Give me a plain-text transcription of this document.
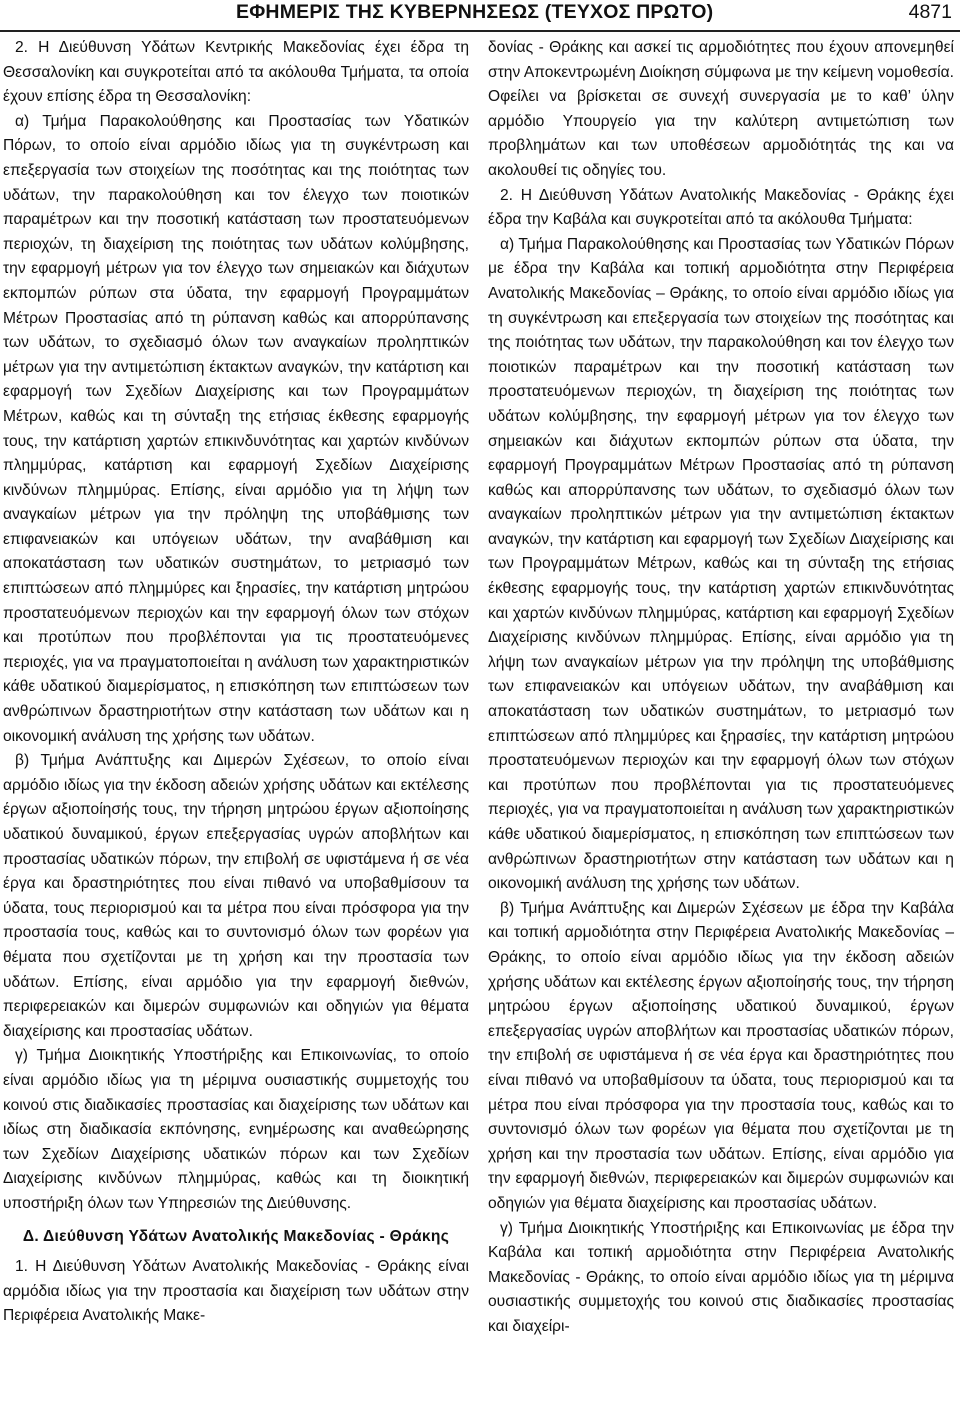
ΕΦΗΜΕΡΙΣ ΤΗΣ ΚΥΒΕΡΝΗΣΕΩΣ (ΤΕΥΧΟΣ ΠΡΩΤΟ)	4871

2. Η Διεύθυνση Υδάτων Κεντρικής Μακεδονίας έχει έδρα τη Θεσσαλονίκη και συγκροτείται από τα ακόλουθα Τμήματα, τα οποία έχουν επίσης έδρα τη Θεσσαλονίκη:

α) Τμήμα Παρακολούθησης και Προστασίας των Υδατικών Πόρων, το οποίο είναι αρμόδιο ιδίως για τη συγκέντρωση και επεξεργασία των στοιχείων της ποσότητας και της ποιότητας των υδάτων, την παρακολούθηση και τον έλεγχο των ποιοτικών παραμέτρων και την ποσοτική κατάσταση των προστατευόμενων περιοχών, τη διαχείριση της ποιότητας των υδάτων κολύμβησης, την εφαρμογή μέτρων για τον έλεγχο των σημειακών και διάχυτων εκπομπών ρύπων στα ύδατα, την εφαρμογή Προγραμμάτων Μέτρων Προστασίας από τη ρύπανση καθώς και απορρύπανσης των υδάτων, το σχεδιασμό όλων των αναγκαίων προληπτικών μέτρων για την αντιμετώπιση έκτακτων αναγκών, την κατάρτιση και εφαρμογή των Σχεδίων Διαχείρισης και των Προγραμμάτων Μέτρων, καθώς και τη σύνταξη της ετήσιας έκθεσης εφαρμογής τους, την κατάρτιση χαρτών επικινδυνότητας και χαρτών κινδύνων πλημμύρας, κατάρτιση και εφαρμογή Σχεδίων Διαχείρισης κινδύνων πλημμύρας. Επίσης, είναι αρμόδιο για τη λήψη των αναγκαίων μέτρων για την πρόληψη της υποβάθμισης των επιφανειακών και υπόγειων υδάτων, την αναβάθμιση και αποκατάσταση των υδατικών συστημάτων, το μετριασμό των επιπτώσεων από πλημμύρες και ξηρασίες, την κατάρτιση μητρώου προστατευόμενων περιοχών και την εφαρμογή όλων των στόχων και προτύπων που προβλέπονται για τις προστατευόμενες περιοχές, για να πραγματοποιείται η ανάλυση των χαρακτηριστικών κάθε υδατικού διαμερίσματος, η επισκόπηση των επιπτώσεων των ανθρώπινων δραστηριοτήτων στην κατάσταση των υδάτων και η οικονομική ανάλυση της χρήσης των υδάτων.

β) Τμήμα Ανάπτυξης και Διμερών Σχέσεων, το οποίο είναι αρμόδιο ιδίως για την έκδοση αδειών χρήσης υδάτων και εκτέλεσης έργων αξιοποίησής τους, την τήρηση μητρώου έργων αξιοποίησης υδατικού δυναμικού, έργων επεξεργασίας υγρών αποβλήτων και προστασίας υδατικών πόρων, την επιβολή σε υφιστάμενα ή σε νέα έργα και δραστηριότητες που είναι πιθανό να υποβαθμίσουν τα ύδατα, τους περιορισμού και τα μέτρα που είναι πρόσφορα για την προστασία τους, καθώς και το συντονισμό όλων των φορέων για θέματα που σχετίζονται με τη χρήση και την προστασία των υδάτων. Επίσης, είναι αρμόδιο για την εφαρμογή διεθνών, περιφερειακών και διμερών συμφωνιών και οδηγιών για θέματα διαχείρισης και προστασίας υδάτων.

γ) Τμήμα Διοικητικής Υποστήριξης και Επικοινωνίας, το οποίο είναι αρμόδιο ιδίως για τη μέριμνα ουσιαστικής συμμετοχής του κοινού στις διαδικασίες προστασίας και διαχείρισης των υδάτων και ιδίως στη διαδικασία εκπόνησης, ενημέρωσης και αναθεώρησης των Σχεδίων Διαχείρισης υδατικών πόρων και των Σχεδίων Διαχείρισης κινδύνων πλημμύρας, καθώς και τη διοικητική υποστήριξη όλων των Υπηρεσιών της Διεύθυνσης.

Δ. Διεύθυνση Υδάτων Ανατολικής Μακεδονίας - Θράκης

1. Η Διεύθυνση Υδάτων Ανατολικής Μακεδονίας - Θράκης είναι αρμόδια ιδίως για την προστασία και διαχείριση των υδάτων στην Περιφέρεια Ανατολικής Μακε-

δονίας - Θράκης και ασκεί τις αρμοδιότητες που έχουν απονεμηθεί στην Αποκεντρωμένη Διοίκηση σύμφωνα με την κείμενη νομοθεσία. Οφείλει να βρίσκεται σε συνεχή συνεργασία με το καθ’ ύλην αρμόδιο Υπουργείο για την καλύτερη αντιμετώπιση των προβλημάτων και των υποθέσεων αρμοδιότητάς της και να ακολουθεί τις οδηγίες του.

2. Η Διεύθυνση Υδάτων Ανατολικής Μακεδονίας - Θράκης έχει έδρα την Καβάλα και συγκροτείται από τα ακόλουθα Τμήματα:

α) Τμήμα Παρακολούθησης και Προστασίας των Υδατικών Πόρων με έδρα την Καβάλα και τοπική αρμοδιότητα στην Περιφέρεια Ανατολικής Μακεδονίας – Θράκης, το οποίο είναι αρμόδιο ιδίως για τη συγκέντρωση και επεξεργασία των στοιχείων της ποσότητας και της ποιότητας των υδάτων, την παρακολούθηση και τον έλεγχο των ποιοτικών παραμέτρων και την ποσοτική κατάσταση των προστατευόμενων περιοχών, τη διαχείριση της ποιότητας των υδάτων κολύμβησης, την εφαρμογή μέτρων για τον έλεγχο των σημειακών και διάχυτων εκπομπών ρύπων στα ύδατα, την εφαρμογή Προγραμμάτων Μέτρων Προστασίας από τη ρύπανση καθώς και απορρύπανσης των υδάτων, το σχεδιασμό όλων των αναγκαίων προληπτικών μέτρων για την αντιμετώπιση έκτακτων αναγκών, την κατάρτιση και εφαρμογή των Σχεδίων Διαχείρισης και των Προγραμμάτων Μέτρων, καθώς και τη σύνταξη της ετήσιας έκθεσης εφαρμογής τους, την κατάρτιση χαρτών επικινδυνότητας και χαρτών κινδύνων πλημμύρας, κατάρτιση και εφαρμογή Σχεδίων Διαχείρισης κινδύνων πλημμύρας. Επίσης, είναι αρμόδιο για τη λήψη των αναγκαίων μέτρων για την πρόληψη της υποβάθμισης των επιφανειακών και υπόγειων υδάτων, την αναβάθμιση και αποκατάσταση των υδατικών συστημάτων, το μετριασμό των επιπτώσεων από πλημμύρες και ξηρασίες, την κατάρτιση μητρώου προστατευόμενων περιοχών και την εφαρμογή όλων των στόχων και προτύπων που προβλέπονται για τις προστατευόμενες περιοχές, για να πραγματοποιείται η ανάλυση των χαρακτηριστικών κάθε υδατικού διαμερίσματος, η επισκόπηση των επιπτώσεων των ανθρώπινων δραστηριοτήτων στην κατάσταση των υδάτων και η οικονομική ανάλυση της χρήσης των υδάτων.

β) Τμήμα Ανάπτυξης και Διμερών Σχέσεων με έδρα την Καβάλα και τοπική αρμοδιότητα στην Περιφέρεια Ανατολικής Μακεδονίας – Θράκης, το οποίο είναι αρμόδιο ιδίως για την έκδοση αδειών χρήσης υδάτων και εκτέλεσης έργων αξιοποίησής τους, την τήρηση μητρώου έργων αξιοποίησης υδατικού δυναμικού, έργων επεξεργασίας υγρών αποβλήτων και προστασίας υδατικών πόρων, την επιβολή σε υφιστάμενα ή σε νέα έργα και δραστηριότητες που είναι πιθανό να υποβαθμίσουν τα ύδατα, τους περιορισμού και τα μέτρα που είναι πρόσφορα για την προστασία τους, καθώς και το συντονισμό όλων των φορέων για θέματα που σχετίζονται με τη χρήση και την προστασία των υδάτων. Επίσης, είναι αρμόδιο για την εφαρμογή διεθνών, περιφερειακών και διμερών συμφωνιών και οδηγιών για θέματα διαχείρισης και προστασίας υδάτων.

γ) Τμήμα Διοικητικής Υποστήριξης και Επικοινωνίας με έδρα την Καβάλα και τοπική αρμοδιότητα στην Περιφέρεια Ανατολικής Μακεδονίας - Θράκης, το οποίο είναι αρμόδιο ιδίως για τη μέριμνα ουσιαστικής συμμετοχής του κοινού στις διαδικασίες προστασίας και διαχείρι-
